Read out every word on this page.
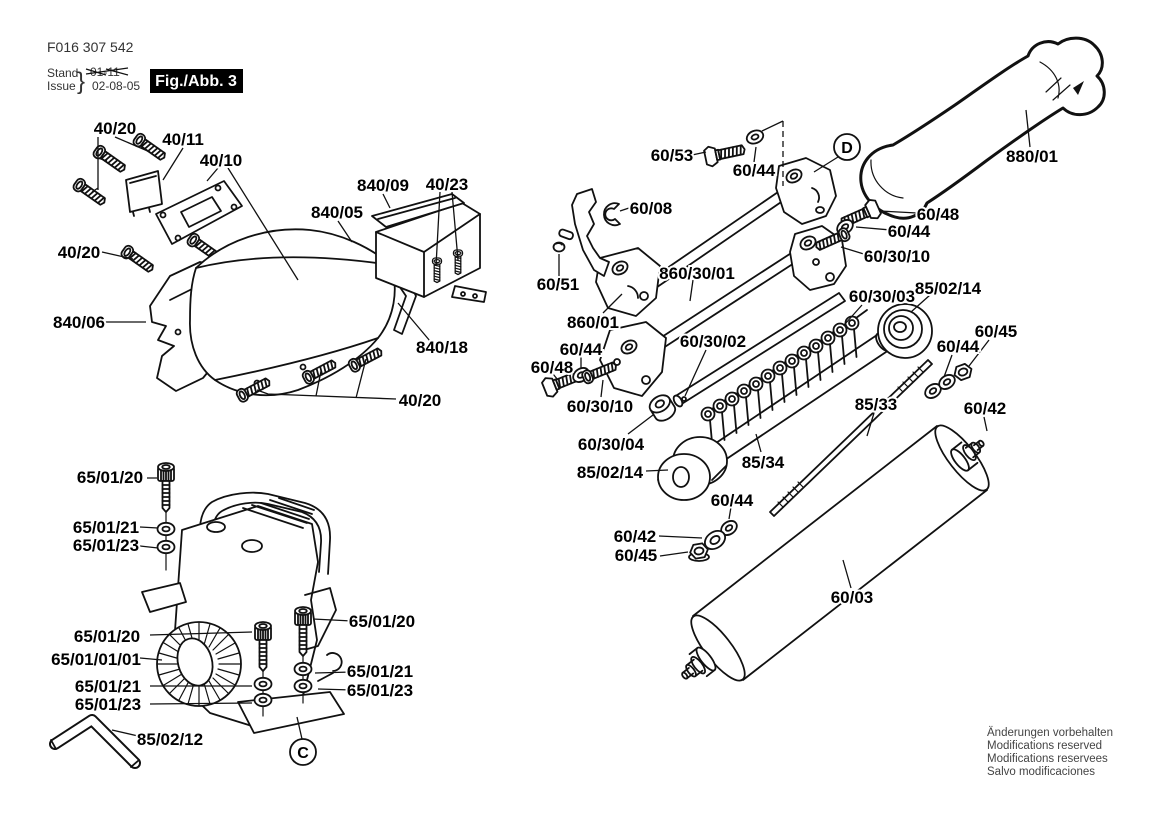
D
C
40/20
40/11
40/10
40/20
840/05
840/09 40/23
840/06
840/18
40/20
65/01/20
65/01/21
65/01/23
65/01/20
65/01/01/01
65/01/21
65/01/23
85/02/12
65/01/20
65/01/21
65/01/23
60/53
60/44
880/01
60/08	60/48
60/44
60/30/10
60/51
860/30/01
860/01
60/30/03 85/02/14
60/44
60/48
60/30/02
60/45
60/44
60/30/10	85/33	60/42
60/30/04
85/34
85/02/14
60/44
60/42
60/45
60/03
F016 307 542
Stand
Issue } 01-11
02-08-05 Fig./Abb. 3
Änderungen vorbehalten
Modifications reserved
Modifications reservees
Salvo modificaciones
